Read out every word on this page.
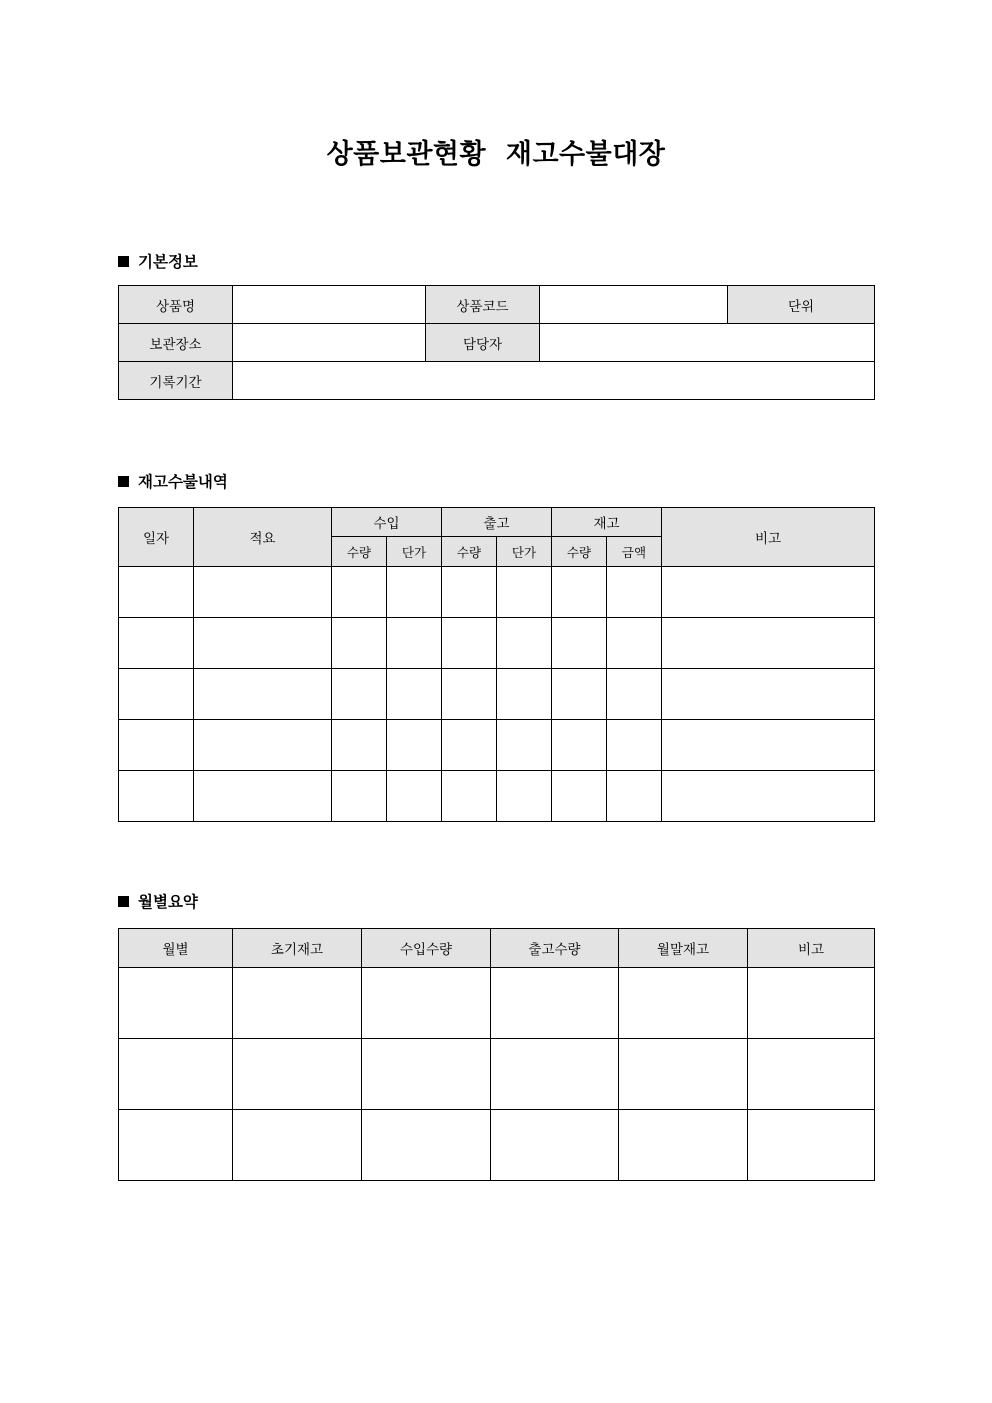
상품보관현황  재고수불대장
기본정보
상품명		상품코드		단위
보관장소		담당자		
기록기간				
재고수불내역
일자	적요	수입		출고		재고		비고
		수량	단가	수량	단가	수량	금액	

월별요약
월별	초기재고	수입수량	출고수량	월말재고	비고
